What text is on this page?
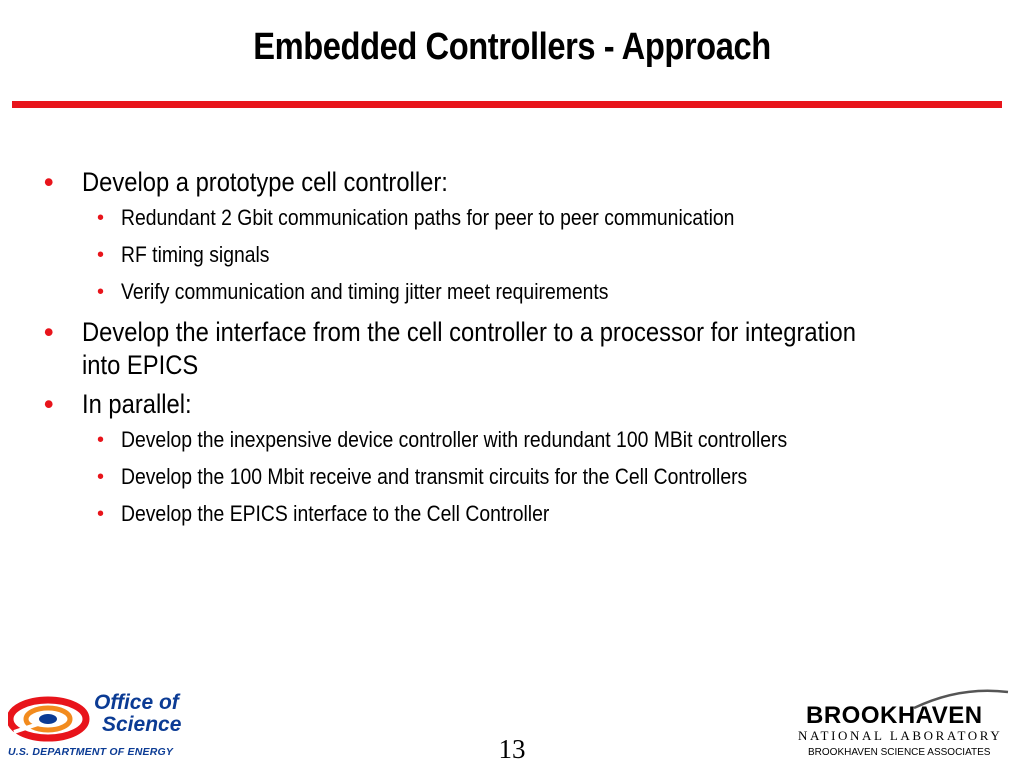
Embedded Controllers - Approach
• Develop a prototype cell controller:
• Redundant 2 Gbit communication paths for peer to peer communication
• RF timing signals
• Verify communication and timing jitter meet requirements
• Develop the interface from the cell controller to a processor for integration into EPICS
• In parallel:
• Develop the inexpensive device controller with redundant 100 MBit controllers
• Develop the 100 Mbit receive and transmit circuits for the Cell Controllers
• Develop the EPICS interface to the Cell Controller
Office of
Science
U.S. DEPARTMENT OF ENERGY	13
BROOKHAVEN
NATIONAL LABORATORY
BROOKHAVEN SCIENCE ASSOCIATES
